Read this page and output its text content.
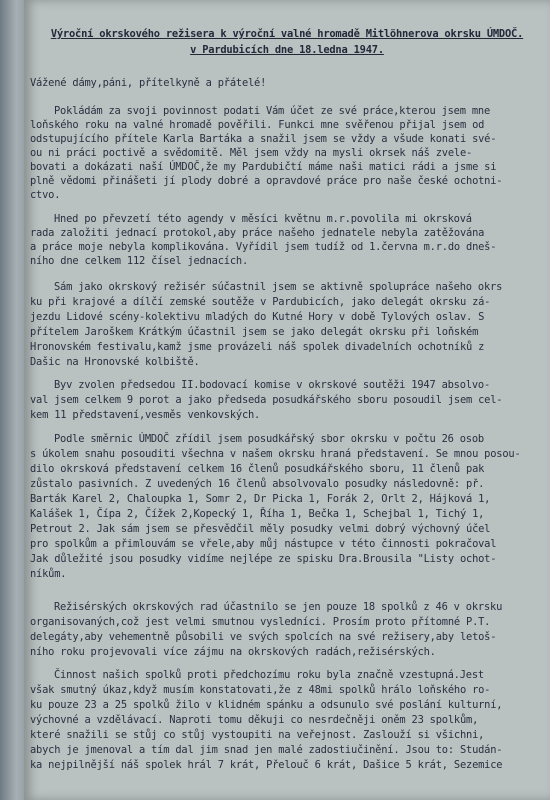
Výroční okrskového režisera k výroční valné hromadě Mitlöhnerova okrsku ÚMDOČ.
v Pardubicích dne 18.ledna 1947.
Vážené dámy,páni, přítelkyně a přátelé!
Pokládám za svoji povinnost podati Vám účet ze své práce,kterou jsem mne
loňského roku na valné hromadě pověřili. Funkci mne svěřenou přijal jsem od
odstupujícího přítele Karla Bartáka a snažil jsem se vždy a všude konati své-
ou ni práci poctivě a svědomitě. Měl jsem vždy na mysli okrsek náš zvele-
bovati a dokázati naší ÚMDOČ,že my Pardubičtí máme naši matici rádi a jsme si
plně vědomi přinášeti jí plody dobré a opravdové práce pro naše české ochotni-
ctvo.
Hned po převzetí této agendy v měsíci květnu m.r.povolila mi okrsková
rada založiti jednací protokol,aby práce našeho jednatele nebyla zatěžována
a práce moje nebyla komplikována. Vyřídil jsem tudíž od 1.června m.r.do dneš-
ního dne celkem 112 čísel jednacích.
Sám jako okrskový režisér súčastnil jsem se aktivně spolupráce našeho okrs
ku při krajové a dílčí zemské soutěže v Pardubicích, jako delegát okrsku zá-
jezdu Lidové scény-kolektivu mladých do Kutné Hory v době Tylových oslav. S
přítelem Jaroškem Krátkým účastnil jsem se jako delegát okrsku při loňském
Hronovském festivalu,kamž jsme provázeli náš spolek divadelních ochotníků z
Dašic na Hronovské kolbiště.
Byv zvolen předsedou II.bodovací komise v okrskové soutěži 1947 absolvo-
val jsem celkem 9 porot a jako předseda posudkářského sboru posoudil jsem cel-
kem 11 představení,vesměs venkovských.
Podle směrnic ÚMDOČ zřídil jsem posudkářský sbor okrsku v počtu 26 osob
s úkolem snahu posouditi všechna v našem okrsku hraná představení. Se mnou posou-
dilo okrsková představení celkem 16 členů posudkářského sboru, 11 členů pak
zůstalo pasivních. Z uvedených 16 členů absolvovalo posudky následovně: př.
Barták Karel 2, Chaloupka 1, Somr 2, Dr Picka 1, Forák 2, Orlt 2, Hájková 1,
Kalášek 1, Čípa 2, Čížek 2,Kopecký 1, Říha 1, Bečka 1, Schejbal 1, Tichý 1,
Petrout 2. Jak sám jsem se přesvědčil měly posudky velmi dobrý výchovný účel
pro spolkům a přimlouvám se vřele,aby můj nástupce v této činnosti pokračoval
Jak důležité jsou posudky vidíme nejlépe ze spisku Dra.Brousila "Listy ochot-
níkům.
Režisérských okrskových rad účastnilo se jen pouze 18 spolků z 46 v okrsku
organisovaných,což jest velmi smutnou vysledníci. Prosím proto přítomné P.T.
delegáty,aby vehementně působili ve svých spolcích na své režisery,aby letoš-
ního roku projevovali více zájmu na okrskových radách,režisérských.
Činnost našich spolků proti předchozímu roku byla značně vzestupná.Jest
však smutný úkaz,když musím konstatovati,že z 48mi spolků hrálo loňského ro-
ku pouze 23 a 25 spolků žilo v klidném spánku a odsunulo své poslání kulturní,
výchovné a vzdělávací. Naproti tomu děkuji co nesrdečněji oněm 23 spolkům,
které snažili se stůj co stůj vystoupiti na veřejnost. Zaslouží si všichni,
abych je jmenoval a tím dal jim snad jen malé zadostiučinění. Jsou to: Studán-
ka nejpilnější náš spolek hrál 7 krát, Přelouč 6 krát, Dašice 5 krát, Sezemice
